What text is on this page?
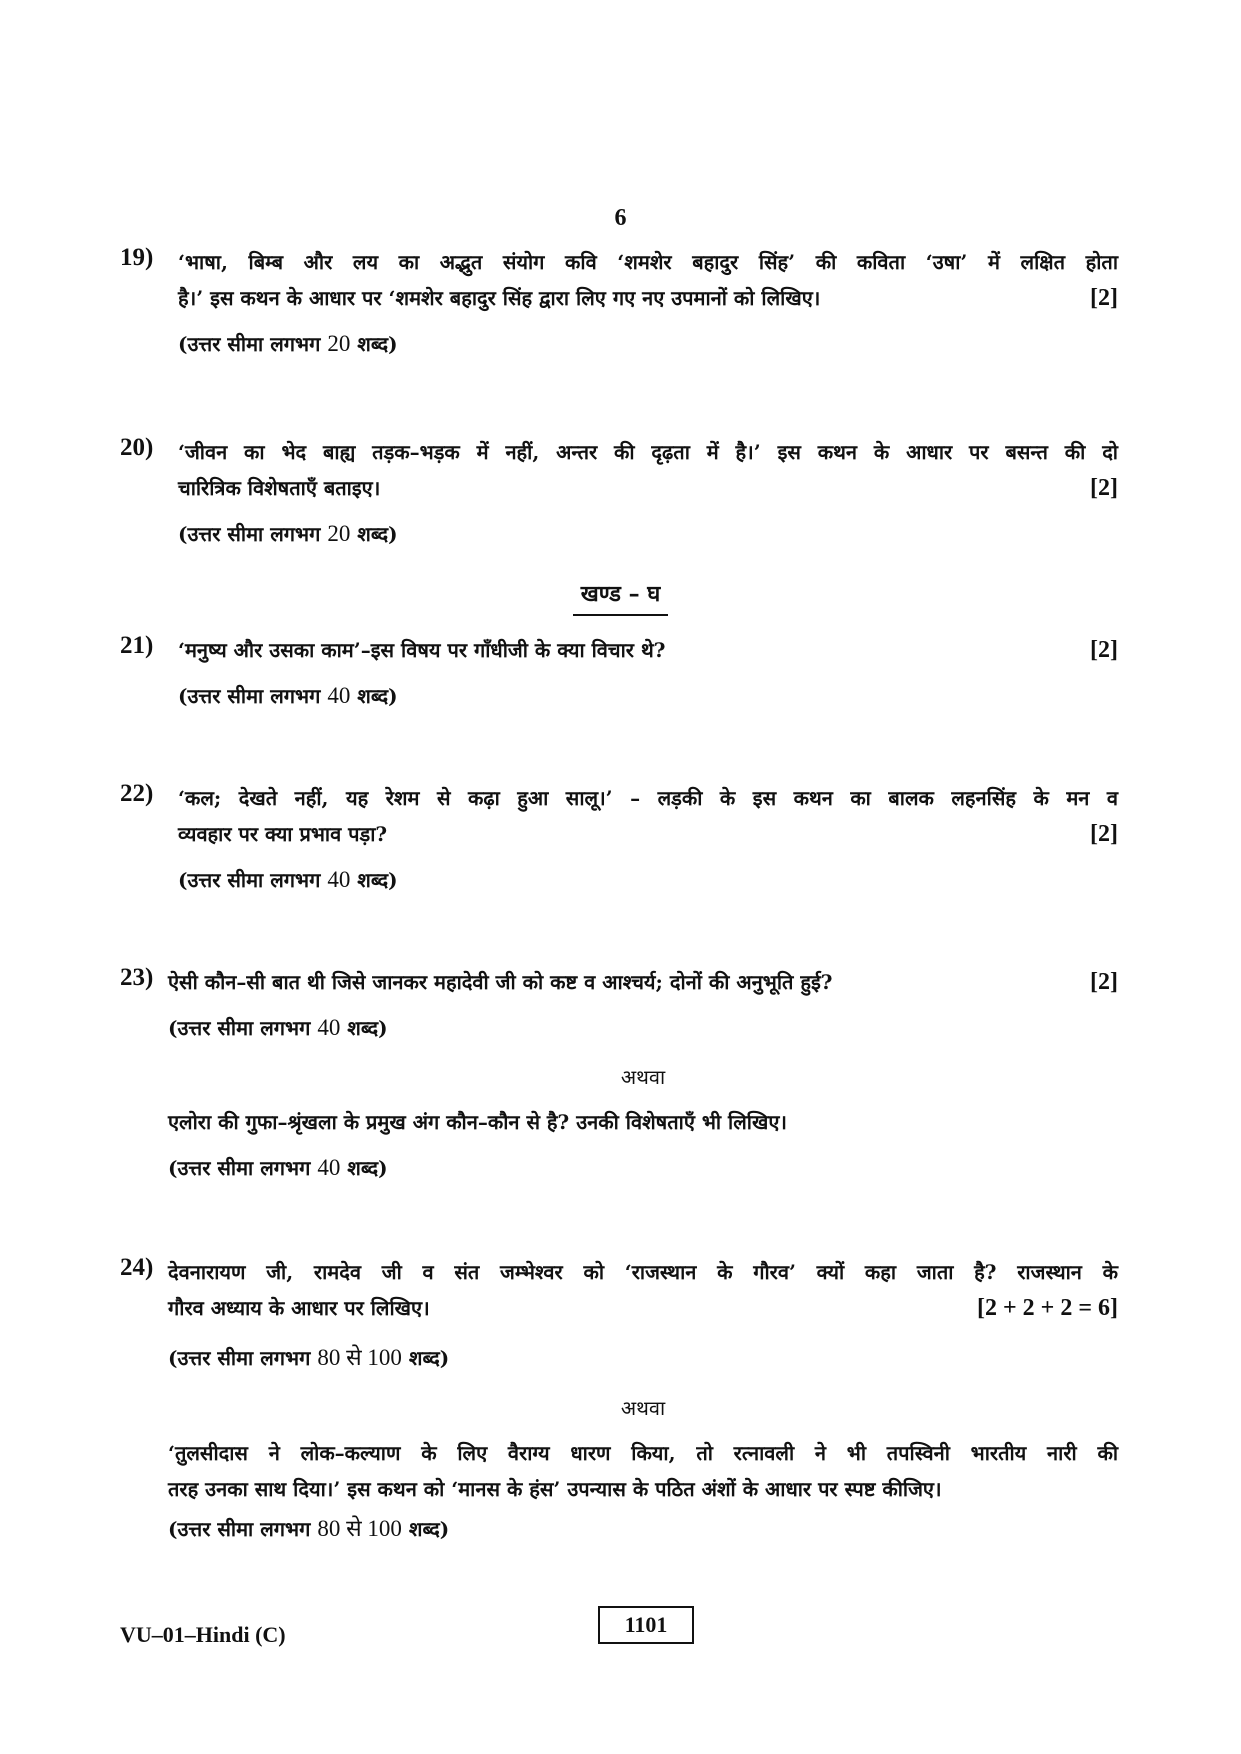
6
19) ‘भाषा, बिम्ब और लय का अद्भुत संयोग कवि ‘शमशेर बहादुर सिंह’ की कविता ‘उषा’ में लक्षित होता
है।’ इस कथन के आधार पर ‘शमशेर बहादुर सिंह द्वारा लिए गए नए उपमानों को लिखिए।	[2]
(उत्तर सीमा लगभग 20 शब्द)
20) ‘जीवन का भेद बाह्य तड़क–भड़क में नहीं, अन्तर की दृढ़ता में है।’ इस कथन के आधार पर बसन्त की दो
चारित्रिक विशेषताएँ बताइए।	[2]
(उत्तर सीमा लगभग 20 शब्द)
खण्ड – घ
21) ‘मनुष्य और उसका काम’–इस विषय पर गाँधीजी के क्या विचार थे?	[2]
(उत्तर सीमा लगभग 40 शब्द)
22) ‘कल; देखते नहीं, यह रेशम से कढ़ा हुआ सालू।’ – लड़की के इस कथन का बालक लहनसिंह के मन व
व्यवहार पर क्या प्रभाव पड़ा?	[2]
(उत्तर सीमा लगभग 40 शब्द)
23) ऐसी कौन–सी बात थी जिसे जानकर महादेवी जी को कष्ट व आश्चर्य; दोनों की अनुभूति हुई?	[2]
(उत्तर सीमा लगभग 40 शब्द)
अथवा
एलोरा की गुफा–श्रृंखला के प्रमुख अंग कौन–कौन से है? उनकी विशेषताएँ भी लिखिए।
(उत्तर सीमा लगभग 40 शब्द)
24) देवनारायण जी, रामदेव जी व संत जम्भेश्वर को ‘राजस्थान के गौरव’ क्यों कहा जाता है? राजस्थान के
गौरव अध्याय के आधार पर लिखिए।	[2 + 2 + 2 = 6]
(उत्तर सीमा लगभग 80 से 100 शब्द)
अथवा
‘तुलसीदास ने लोक–कल्याण के लिए वैराग्य धारण किया, तो रत्नावली ने भी तपस्विनी भारतीय नारी की
तरह उनका साथ दिया।’ इस कथन को ‘मानस के हंस’ उपन्यास के पठित अंशों के आधार पर स्पष्ट कीजिए।
(उत्तर सीमा लगभग 80 से 100 शब्द)
VU–01–Hindi (C)	1101
